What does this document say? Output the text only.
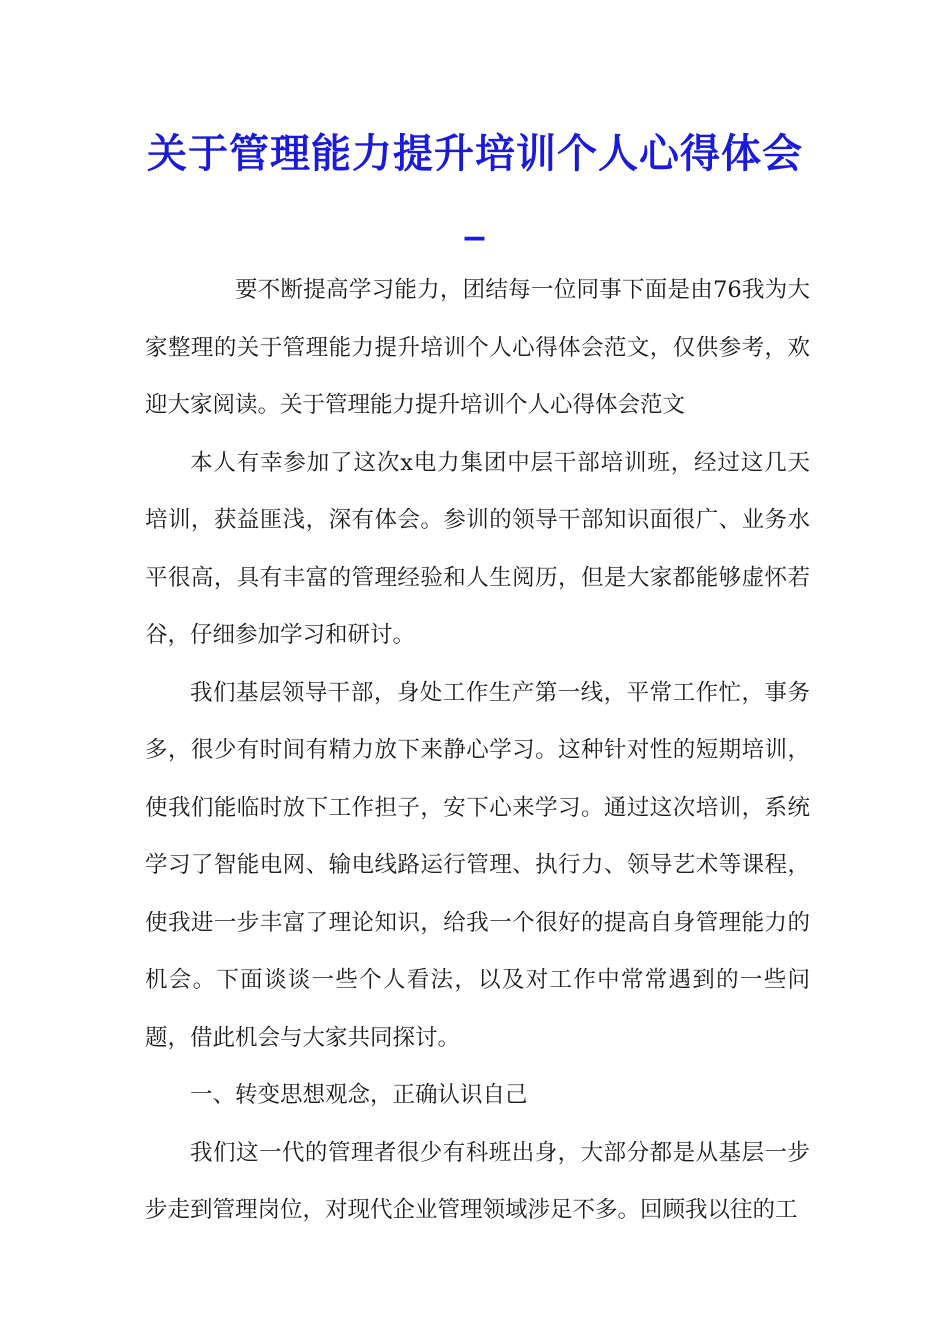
关于管理能力提升培训个人心得体会_

要不断提高学习能力，团结每一位同事下面是由76我为大家整理的关于管理能力提升培训个人心得体会范文，仅供参考，欢迎大家阅读。关于管理能力提升培训个人心得体会范文

本人有幸参加了这次x电力集团中层干部培训班，经过这几天培训，获益匪浅，深有体会。参训的领导干部知识面很广、业务水平很高，具有丰富的管理经验和人生阅历，但是大家都能够虚怀若谷，仔细参加学习和研讨。

我们基层领导干部，身处工作生产第一线，平常工作忙，事务多，很少有时间有精力放下来静心学习。这种针对性的短期培训，使我们能临时放下工作担子，安下心来学习。通过这次培训，系统学习了智能电网、输电线路运行管理、执行力、领导艺术等课程，使我进一步丰富了理论知识，给我一个很好的提高自身管理能力的机会。下面谈谈一些个人看法，以及对工作中常常遇到的一些问题，借此机会与大家共同探讨。

一、转变思想观念，正确认识自己

我们这一代的管理者很少有科班出身，大部分都是从基层一步步走到管理岗位，对现代企业管理领域涉足不多。回顾我以往的工
